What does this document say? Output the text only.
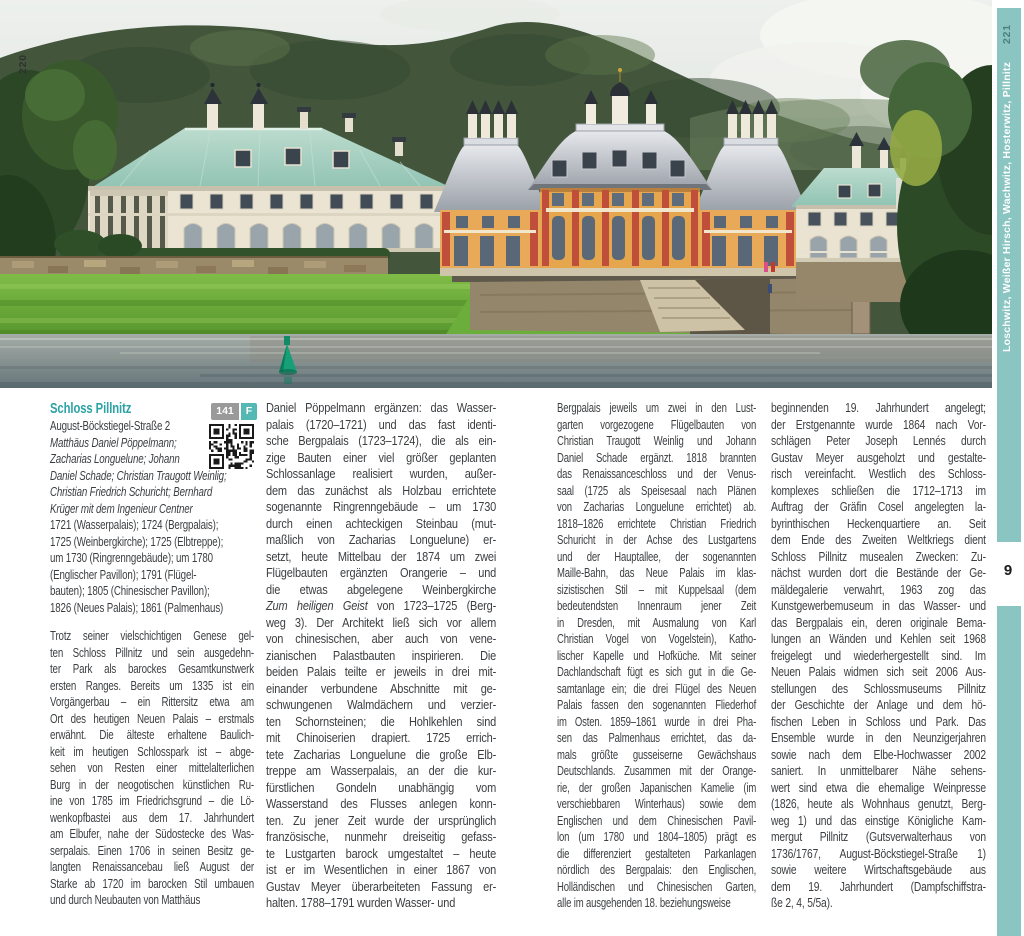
220
221
Loschwitz, Weißer Hirsch, Wachwitz, Hosterwitz, Pillnitz
9
141	F
Schloss Pillnitz
August-Böckstiegel-Straße 2
Matthäus Daniel Pöppelmann;
Zacharias Longuelune; Johann
Daniel Schade; Christian Traugott Weinlig;
Christian Friedrich Schuricht; Bernhard
Krüger mit dem Ingenieur Centner
1721 (Wasserpalais); 1724 (Bergpalais);
1725 (Weinbergkirche); 1725 (Elbtreppe);
um 1730 (Ringrenngebäude); um 1780
(Englischer Pavillon); 1791 (Flügel-
bauten); 1805 (Chinesischer Pavillon);
1826 (Neues Palais); 1861 (Palmenhaus)
Trotz seiner vielschichtigen Genese gel-
ten Schloss Pillnitz und sein ausgedehn-
ter Park als barockes Gesamtkunstwerk
ersten Ranges. Bereits um 1335 ist ein
Vorgängerbau – ein Rittersitz etwa am
Ort des heutigen Neuen Palais – erstmals
erwähnt. Die älteste erhaltene Baulich-
keit im heutigen Schlosspark ist – abge-
sehen von Resten einer mittelalterlichen
Burg in der neogotischen künstlichen Ru-
ine von 1785 im Friedrichsgrund – die Lö-
wenkopfbastei aus dem 17. Jahrhundert
am Elbufer, nahe der Südostecke des Was-
serpalais. Einen 1706 in seinen Besitz ge-
langten Renaissancebau ließ August der
Starke ab 1720 im barocken Stil umbauen
und durch Neubauten von Matthäus
Daniel Pöppelmann ergänzen: das Wasser-
palais (1720–1721) und das fast identi-
sche Bergpalais (1723–1724), die als ein-
zige Bauten einer viel größer geplanten
Schlossanlage realisiert wurden, außer-
dem das zunächst als Holzbau errichtete
sogenannte Ringrenngebäude – um 1730
durch einen achteckigen Steinbau (mut-
maßlich von Zacharias Longuelune) er-
setzt, heute Mittelbau der 1874 um zwei
Flügelbauten ergänzten Orangerie – und
die etwas abgelegene Weinbergkirche
Zum heiligen Geist von 1723–1725 (Berg-
weg 3). Der Architekt ließ sich vor allem
von chinesischen, aber auch von vene-
zianischen Palastbauten inspirieren. Die
beiden Palais teilte er jeweils in drei mit-
einander verbundene Abschnitte mit ge-
schwungenen Walmdächern und verzier-
ten Schornsteinen; die Hohlkehlen sind
mit Chinoiserien drapiert. 1725 errich-
tete Zacharias Longuelune die große Elb-
treppe am Wasserpalais, an der die kur-
fürstlichen Gondeln unabhängig vom
Wasserstand des Flusses anlegen konn-
ten. Zu jener Zeit wurde der ursprünglich
französische, nunmehr dreiseitig gefass-
te Lustgarten barock umgestaltet – heute
ist er im Wesentlichen in einer 1867 von
Gustav Meyer überarbeiteten Fassung er-
halten. 1788–1791 wurden Wasser- und
Bergpalais jeweils um zwei in den Lust-
garten vorgezogene Flügelbauten von
Christian Traugott Weinlig und Johann
Daniel Schade ergänzt. 1818 brannten
das Renaissanceschloss und der Venus-
saal (1725 als Speisesaal nach Plänen
von Zacharias Longuelune errichtet) ab.
1818–1826 errichtete Christian Friedrich
Schuricht in der Achse des Lustgartens
und der Hauptallee, der sogenannten
Maille-Bahn, das Neue Palais im klas-
sizistischen Stil – mit Kuppelsaal (dem
bedeutendsten Innenraum jener Zeit
in Dresden, mit Ausmalung von Karl
Christian Vogel von Vogelstein), Katho-
lischer Kapelle und Hofküche. Mit seiner
Dachlandschaft fügt es sich gut in die Ge-
samtanlage ein; die drei Flügel des Neuen
Palais fassen den sogenannten Fliederhof
im Osten. 1859–1861 wurde in drei Pha-
sen das Palmenhaus errichtet, das da-
mals größte gusseiserne Gewächshaus
Deutschlands. Zusammen mit der Orange-
rie, der großen Japanischen Kamelie (im
verschiebbaren Winterhaus) sowie dem
Englischen und dem Chinesischen Pavil-
lon (um 1780 und 1804–1805) prägt es
die differenziert gestalteten Parkanlagen
nördlich des Bergpalais: den Englischen,
Holländischen und Chinesischen Garten,
alle im ausgehenden 18. beziehungsweise
beginnenden 19. Jahrhundert angelegt;
der Erstgenannte wurde 1864 nach Vor-
schlägen Peter Joseph Lennés durch
Gustav Meyer ausgeholzt und gestalte-
risch vereinfacht. Westlich des Schloss-
komplexes schließen die 1712–1713 im
Auftrag der Gräfin Cosel angelegten la-
byrinthischen Heckenquartiere an. Seit
dem Ende des Zweiten Weltkriegs dient
Schloss Pillnitz musealen Zwecken: Zu-
nächst wurden dort die Bestände der Ge-
mäldegalerie verwahrt, 1963 zog das
Kunstgewerbemuseum in das Wasser- und
das Bergpalais ein, deren originale Bema-
lungen an Wänden und Kehlen seit 1968
freigelegt und wiederhergestellt sind. Im
Neuen Palais widmen sich seit 2006 Aus-
stellungen des Schlossmuseums Pillnitz
der Geschichte der Anlage und dem hö-
fischen Leben in Schloss und Park. Das
Ensemble wurde in den Neunzigerjahren
sowie nach dem Elbe-Hochwasser 2002
saniert. In unmittelbarer Nähe sehens-
wert sind etwa die ehemalige Weinpresse
(1826, heute als Wohnhaus genutzt, Berg-
weg 1) und das einstige Königliche Kam-
mergut Pillnitz (Gutsverwalterhaus von
1736/1767, August-Böckstiegel-Straße 1)
sowie weitere Wirtschaftsgebäude aus
dem 19. Jahrhundert (Dampfschiffstra-
ße 2, 4, 5/5a).
